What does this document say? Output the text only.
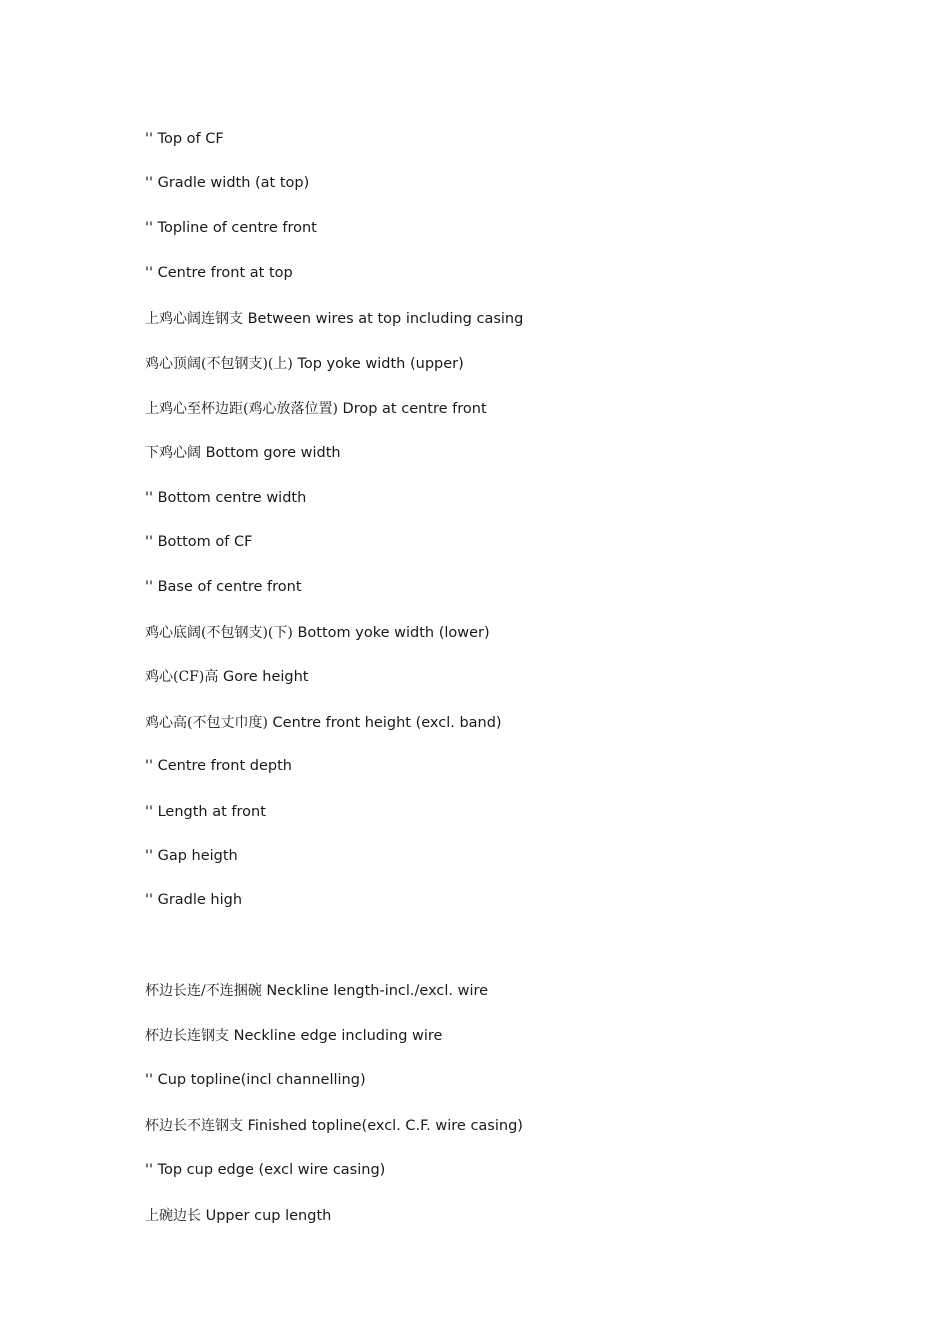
'' Top of CF
'' Gradle width (at top)
'' Topline of centre front
'' Centre front at top
上鸡心阔连钢支 Between wires at top including casing
鸡心顶阔(不包钢支)(上) Top yoke width (upper)
上鸡心至杯边距(鸡心放落位置) Drop at centre front
下鸡心阔 Bottom gore width
'' Bottom centre width
'' Bottom of CF
'' Base of centre front
鸡心底阔(不包钢支)(下) Bottom yoke width (lower)
鸡心(CF)高 Gore height
鸡心高(不包丈巾度) Centre front height (excl. band)
'' Centre front depth
'' Length at front
'' Gap heigth
'' Gradle high
杯边长连/不连捆碗 Neckline length-incl./excl. wire
杯边长连钢支 Neckline edge including wire
'' Cup topline(incl channelling)
杯边长不连钢支 Finished topline(excl. C.F. wire casing)
'' Top cup edge (excl wire casing)
上碗边长 Upper cup length
